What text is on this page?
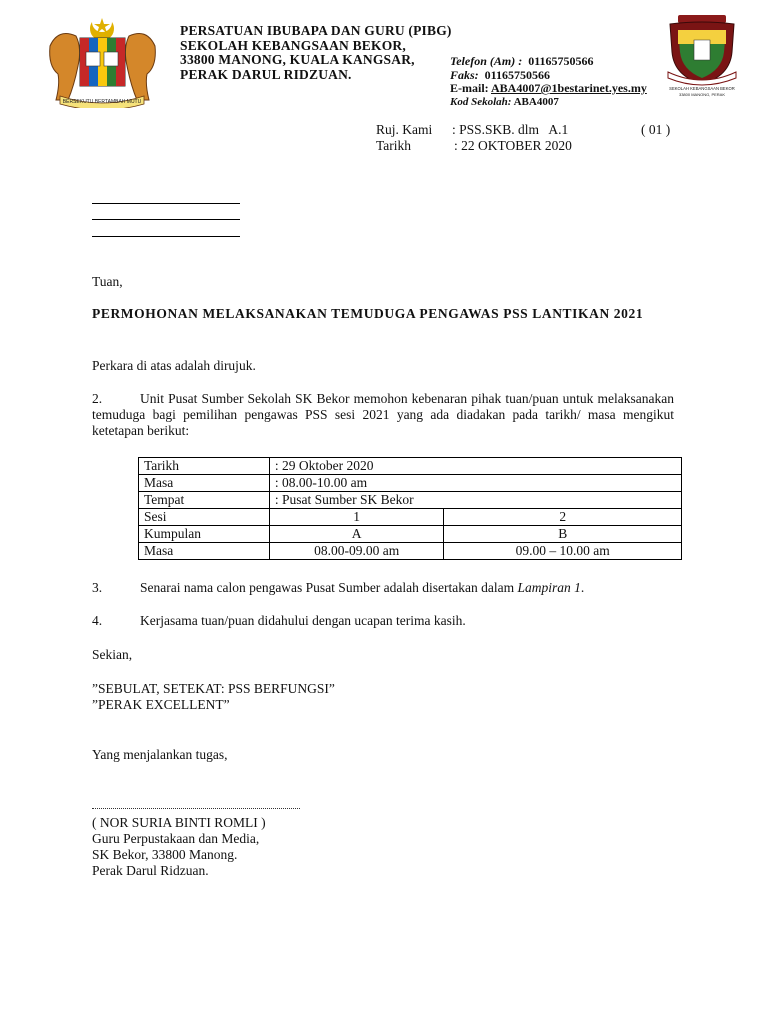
BERSEKUTU BERTAMBAH MUTU
PERSATUAN IBUBAPA DAN GURU (PIBG)
SEKOLAH KEBANGSAAN BEKOR,
33800 MANONG, KUALA KANGSAR,
PERAK DARUL RIDZUAN.
Telefon (Am) : 01165750566
Faks: 01165750566
E-mail: ABA4007@1bestarinet.yes.my
Kod Sekolah: ABA4007
SEKOLAH KEBANGSAAN BEKOR
33800 MANONG, PERAK
Ruj. Kami : PSS.SKB. dlm   A.1	( 01 )
Tarikh	: 22 OKTOBER 2020
Tuan,
PERMOHONAN MELAKSANAKAN TEMUDUGA PENGAWAS PSS LANTIKAN 2021
Perkara di atas adalah dirujuk.

2.	Unit Pusat Sumber Sekolah SK Bekor memohon kebenaran pihak tuan/puan untuk melaksanakan temuduga bagi pemilihan pengawas PSS sesi 2021 yang ada diadakan pada tarikh/ masa mengikut ketetapan berikut:

Tarikh	: 29 Oktober 2020	
Masa	: 08.00-10.00 am	
Tempat	: Pusat Sumber SK Bekor	
Sesi	1	2
Kumpulan	A	B
Masa	08.00-09.00 am	09.00 – 10.00 am
3.	Senarai nama calon pengawas Pusat Sumber adalah disertakan dalam Lampiran 1.
4.	Kerjasama tuan/puan didahului dengan ucapan terima kasih.
Sekian,
”SEBULAT, SETEKAT: PSS BERFUNGSI”
”PERAK EXCELLENT”
Yang menjalankan tugas,
( NOR SURIA BINTI ROMLI )
Guru Perpustakaan dan Media,
SK Bekor, 33800 Manong.
Perak Darul Ridzuan.
